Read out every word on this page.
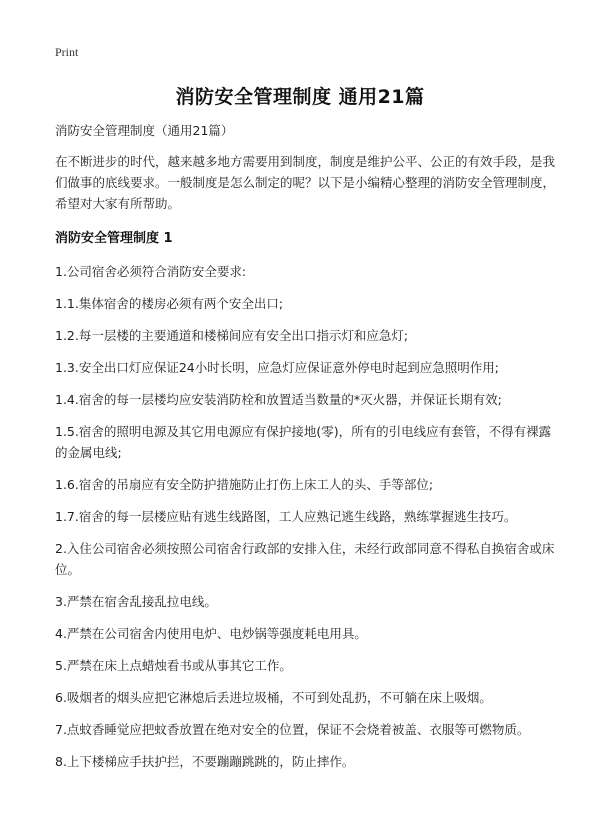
Print
消防安全管理制度 通用21篇

消防安全管理制度（通用21篇）

在不断进步的时代，越来越多地方需要用到制度，制度是维护公平、公正的有效手段，是我们做事的底线要求。一般制度是怎么制定的呢？以下是小编精心整理的消防安全管理制度，希望对大家有所帮助。

消防安全管理制度 1

1.公司宿舍必须符合消防安全要求:

1.1.集体宿舍的楼房必须有两个安全出口;

1.2.每一层楼的主要通道和楼梯间应有安全出口指示灯和应急灯;

1.3.安全出口灯应保证24小时长明，应急灯应保证意外停电时起到应急照明作用;

1.4.宿舍的每一层楼均应安装消防栓和放置适当数量的*灭火器，并保证长期有效;

1.5.宿舍的照明电源及其它用电源应有保护接地(零)，所有的引电线应有套管，不得有裸露的金属电线;

1.6.宿舍的吊扇应有安全防护措施防止打伤上床工人的头、手等部位;

1.7.宿舍的每一层楼应贴有逃生线路图，工人应熟记逃生线路，熟练掌握逃生技巧。

2.入住公司宿舍必须按照公司宿舍行政部的安排入住，未经行政部同意不得私自换宿舍或床位。

3.严禁在宿舍乱接乱拉电线。

4.严禁在公司宿舍内使用电炉、电炒锅等强度耗电用具。

5.严禁在床上点蜡烛看书或从事其它工作。

6.吸烟者的烟头应把它淋熄后丢进垃圾桶，不可到处乱扔，不可躺在床上吸烟。

7.点蚊香睡觉应把蚊香放置在绝对安全的位置，保证不会烧着被盖、衣服等可燃物质。

8.上下楼梯应手扶护拦，不要蹦蹦跳跳的，防止摔作。
